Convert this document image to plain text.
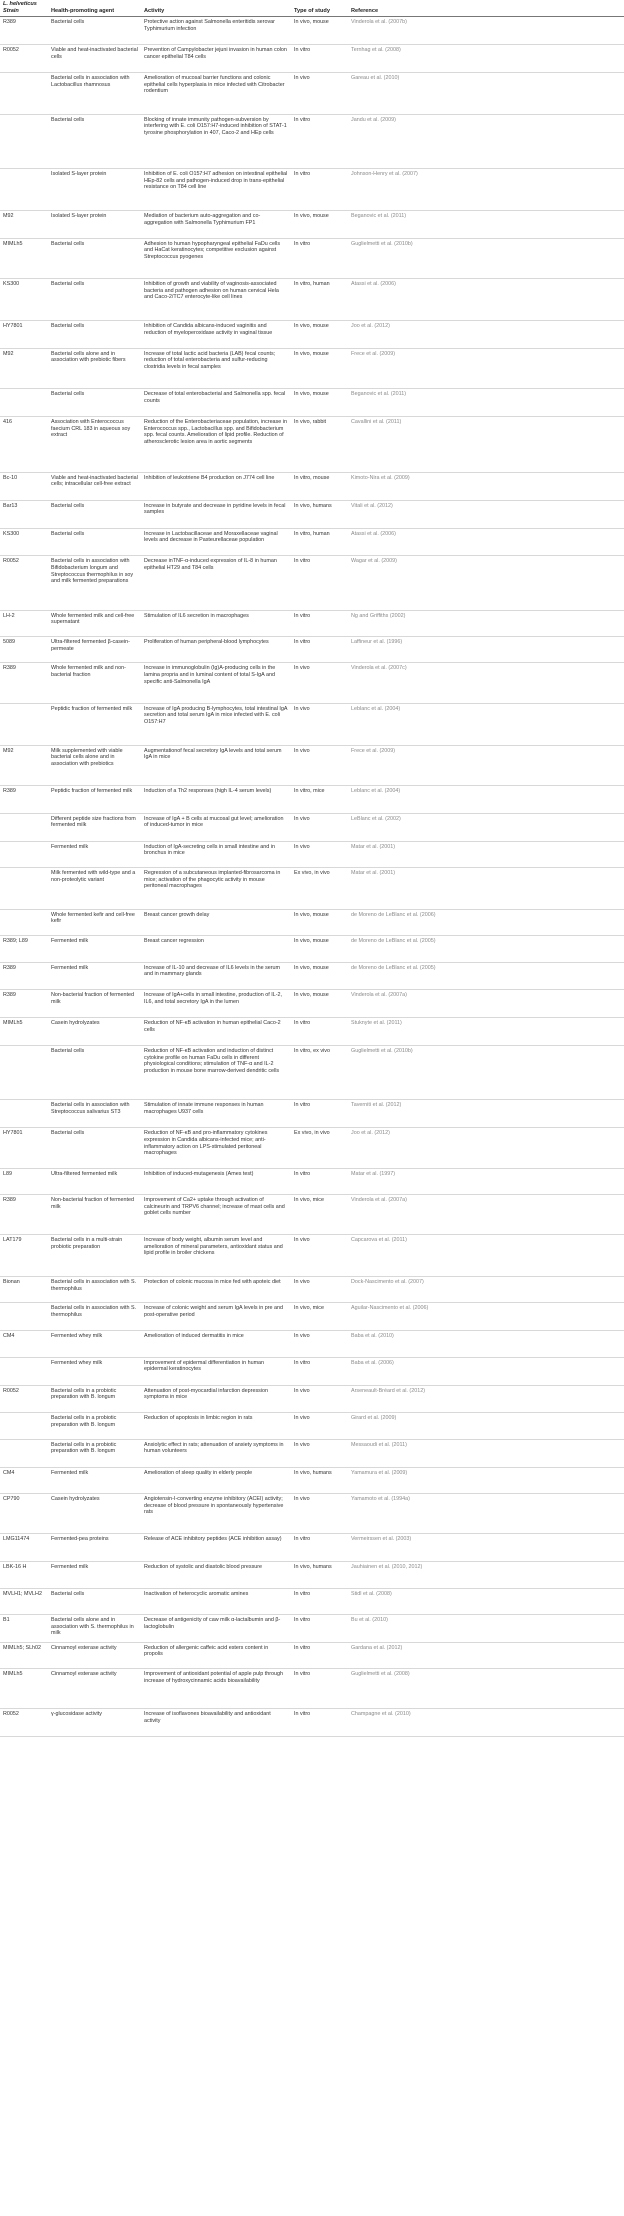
L. helveticus Strain	Health-promoting agent	Activity	Type of study	Reference
R389	Bacterial cells	Protective action against Salmonella enteritidis serovar Typhimurium infection	In vivo, mouse	Vinderola et al. (2007b)
R0052	Viable and heat-inactivated bacterial cells	Prevention of Campylobacter jejuni invasion in human colon cancer epithelial T84 cells	In vitro	Ternhag et al. (2008)
	Bacterial cells in association with Lactobacillus rhamnosus	Amelioration of mucosal barrier functions and colonic epithelial cells hyperplasia in mice infected with Citrobacter rodentium	In vivo	Gareau et al. (2010)
	Bacterial cells	Blocking of innate immunity pathogen-subversion by interfering with E. coli O157:H7-induced inhibition of STAT-1 tyrosine phosphorylation in 407, Caco-2 and HEp cells	In vitro	Jandu et al. (2009)
	Isolated S-layer protein	Inhibition of E. coli O157:H7 adhesion on intestinal epithelial HEp-82 cells and pathogen-induced drop in trans-epithelial resistance on T84 cell line	In vitro	Johnson-Henry et al. (2007)
M92	Isolated S-layer protein	Mediation of bacterium auto-aggregation and co-aggregation with Salmonella Typhimurium FP1	In vivo, mouse	Beganovic et al. (2011)
MIMLh5	Bacterial cells	Adhesion to human hypopharyngeal epithelial FaDu cells and HaCat keratinocytes; competitive exclusion against Streptococcus pyogenes	In vitro	Guglielmetti et al. (2010b)
KS300	Bacterial cells	Inhibition of growth and viability of vaginosis-associated bacteria and pathogen adhesion on human cervical Hela and Caco-2/TC7 enterocyte-like cell lines	In vitro, human	Atassi et al. (2006)
HY7801	Bacterial cells	Inhibition of Candida albicans-induced vaginitis and reduction of myeloperoxidase activity in vaginal tissue	In vivo, mouse	Joo et al. (2012)
M92	Bacterial cells alone and in association with prebiotic fibers	Increase of total lactic acid bacteria (LAB) fecal counts; reduction of total enterobacteria and sulfur-reducing clostridia levels in fecal samples	In vivo, mouse	Frece et al. (2009)
	Bacterial cells	Decrease of total enterobacterial and Salmonella spp. fecal counts	In vivo, mouse	Beganovic et al. (2011)
416	Association with Enterococcus faecium CRL 183 in aqueous soy extract	Reduction of the Enterobacteriaceae population, increase in Enterococcus spp., Lactobacillus spp. and Bifidobacterium spp. fecal counts. Amelioration of lipid profile. Reduction of atherosclerotic lesion area in aortic segments	In vivo, rabbit	Cavallini et al. (2011)
Bc-10	Viable and heat-inactivated bacterial cells; intracellular cell-free extract	Inhibition of leukotriene B4 production on J774 cell line	In vitro, mouse	Kimoto-Nira et al. (2009)
Bar13	Bacterial cells	Increase in butyrate and decrease in pyridine levels in fecal samples	In vivo, humans	Vitali et al. (2012)
KS300	Bacterial cells	Increase in Lactobacillaceae and Moraxellaceae vaginal levels and decrease in Pasteurellaceae population	In vitro, human	Atassi et al. (2006)
R0052	Bacterial cells in association with Bifidobacterium longum and Streptococcus thermophilus in soy and milk fermented preparations	Decrease inTNF-α-induced expression of IL-8 in human epithelial HT29 and T84 cells	In vitro	Wagar et al. (2009)
LH-2	Whole fermented milk and cell-free supernatant	Stimulation of IL6 secretion in macrophages	In vitro	Ng and Griffiths (2002)
5089	Ultra-filtered fermented β-casein-permeate	Proliferation of human peripheral-blood lymphocytes	In vitro	Laffineur et al. (1996)
R389	Whole fermented milk and non-bacterial fraction	Increase in immunoglobulin (Ig)A-producing cells in the lamina propria and in luminal content of total S-IgA and specific anti-Salmonella IgA	In vivo	Vinderola et al. (2007c)
	Peptidic fraction of fermented milk	Increase of IgA producing B-lymphocytes, total intestinal IgA secretion and total serum IgA in mice infected with E. coli O157:H7	In vivo	Leblanc et al. (2004)
M92	Milk supplemented with viable bacterial cells alone and in association with prebiotics	Augmentationof fecal secretory IgA levels and total serum IgA in mice	In vivo	Frece et al. (2009)
R389	Peptidic fraction of fermented milk	Induction of a Th2 responses (high IL-4 serum levels)	In vitro, mice	Leblanc et al. (2004)
	Different peptide size fractions from fermented milk	Increase of IgA + B cells at mucosal gut level; amelioration of induced-tumor in mice	In vivo	LeBlanc et al. (2002)
	Fermented milk	Induction of IgA-secreting cells in small intestine and in bronchus in mice	In vivo	Matar et al. (2001)
	Milk fermented with wild-type and a non-proteolytic variant	Regression of a subcutaneous implanted-fibrosarcoma in mice; activation of the phagocytic activity in mouse peritoneal macrophages	Ex vivo, in vivo	Matar et al. (2001)
	Whole fermented kefir and cell-free kefir	Breast cancer growth delay	In vivo, mouse	de Moreno de LeBlanc et al. (2006)
R389; L89	Fermented milk	Breast cancer regression	In vivo, mouse	de Moreno de LeBlanc et al. (2005)
R389	Fermented milk	Increase of IL-10 and decrease of IL6 levels in the serum and in mammary glands	In vivo, mouse	de Moreno de LeBlanc et al. (2005)
R389	Non-bacterial fraction of fermented milk	Increase of IgA+cells in small intestine, production of IL-2, IL6, and total secretory IgA in the lumen	In vivo, mouse	Vinderola et al. (2007a)
MIMLh5	Casein hydrolyzates	Reduction of NF-κB activation in human epithelial Caco-2 cells	In vitro	Stuknyte et al. (2011)
	Bacterial cells	Reduction of NF-κB activation and induction of distinct cytokine profile on human FaDu cells in different physiological conditions; stimulation of TNF-α and IL-2 production in mouse bone marrow-derived dendritic cells	In vitro, ex vivo	Guglielmetti et al. (2010b)
	Bacterial cells in association with Streptococcus salivarius ST3	Stimulation of innate immune responses in human macrophages U937 cells	In vitro	Taverniti et al. (2012)
HY7801	Bacterial cells	Reduction of NF-κB and pro-inflammatory cytokines expression in Candida albicans-infected mice; anti-inflammatory action on LPS-stimulated peritoneal macrophages	Ex vivo, in vivo	Joo et al. (2012)
L89	Ultra-filtered fermented milk	Inhibition of induced-mutagenesis (Ames test)	In vitro	Matar et al. (1997)
R389	Non-bacterial fraction of fermented milk	Improvement of Ca2+ uptake through activation of calcineurin and TRPV6 channel; increase of mast cells and goblet cells number	In vivo, mice	Vinderola et al. (2007a)
LAT179	Bacterial cells in a multi-strain probiotic preparation	Increase of body weight, albumin serum level and amelioration of mineral parameters, antioxidant status and lipid profile in broiler chickens	In vivo	Capcarova et al. (2011)
Bionan	Bacterial cells in association with S. thermophilus	Protection of colonic mucosa in mice fed with apoteic diet	In vivo	Dock-Nascimento et al. (2007)
	Bacterial cells in association with S. thermophilus	Increase of colonic weight and serum IgA levels in pre and post-operative period	In vivo, mice	Aguilar-Nascimento et al. (2006)
CM4	Fermented whey milk	Amelioration of induced dermatitis in mice	In vivo	Baba et al. (2010)
	Fermented whey milk	Improvement of epidermal differentiation in human epidermal keratinocytes	In vitro	Baba et al. (2006)
R0052	Bacterial cells in a probiotic preparation with B. longum	Attenuation of post-myocardial infarction depression symptoms in mice	In vivo	Arseneault-Bréard et al. (2012)
	Bacterial cells in a probiotic preparation with B. longum	Reduction of apoptosis in limbic region in rats	In vivo	Girard et al. (2009)
	Bacterial cells in a probiotic preparation with B. longum	Anxiolytic effect in rats; attenuation of anxiety symptoms in human volunteers	In vivo	Messaoudi et al. (2011)
CM4	Fermented milk	Amelioration of sleep quality in elderly people	In vivo, humans	Yamamura et al. (2009)
CP790	Casein hydrolyzates	Angiotensin-I-converting enzyme inhibitory (ACEI) activity; decrease of blood pressure in spontaneously hypertensive rats	In vivo	Yamamoto et al. (1994a)
LMG11474	Fermented-pea proteins	Release of ACE inhibitory peptides (ACE inhibition assay)	In vitro	Vermeirssen et al. (2003)
LBK-16 H	Fermented milk	Reduction of systolic and diastolic blood pressure	In vivo, humans	Jauhiainen et al. (2010, 2012)
MVLH1; MVLH2	Bacterial cells	Inactivation of heterocyclic aromatic amines	In vitro	Stidl et al. (2008)
B1	Bacterial cells alone and in association with S. thermophilus in milk	Decrease of antigenicity of caw milk α-lactalbumin and β-lactoglobulin	In vitro	Bu et al. (2010)
MIMLh5; SLh02	Cinnamoyl esterase activity	Reduction of allergenic caffeic acid esters content in propolis	In vitro	Gardana et al. (2012)
MIMLh5	Cinnamoyl esterase activity	Improvement of antioxidant potential of apple pulp through increase of hydroxycinnamic acids bioavailability	In vitro	Guglielmetti et al. (2008)
R0052	γ-glucosidase activity	Increase of isoflavones bioavailability and antioxidant activity	In vitro	Champagne et al. (2010)
